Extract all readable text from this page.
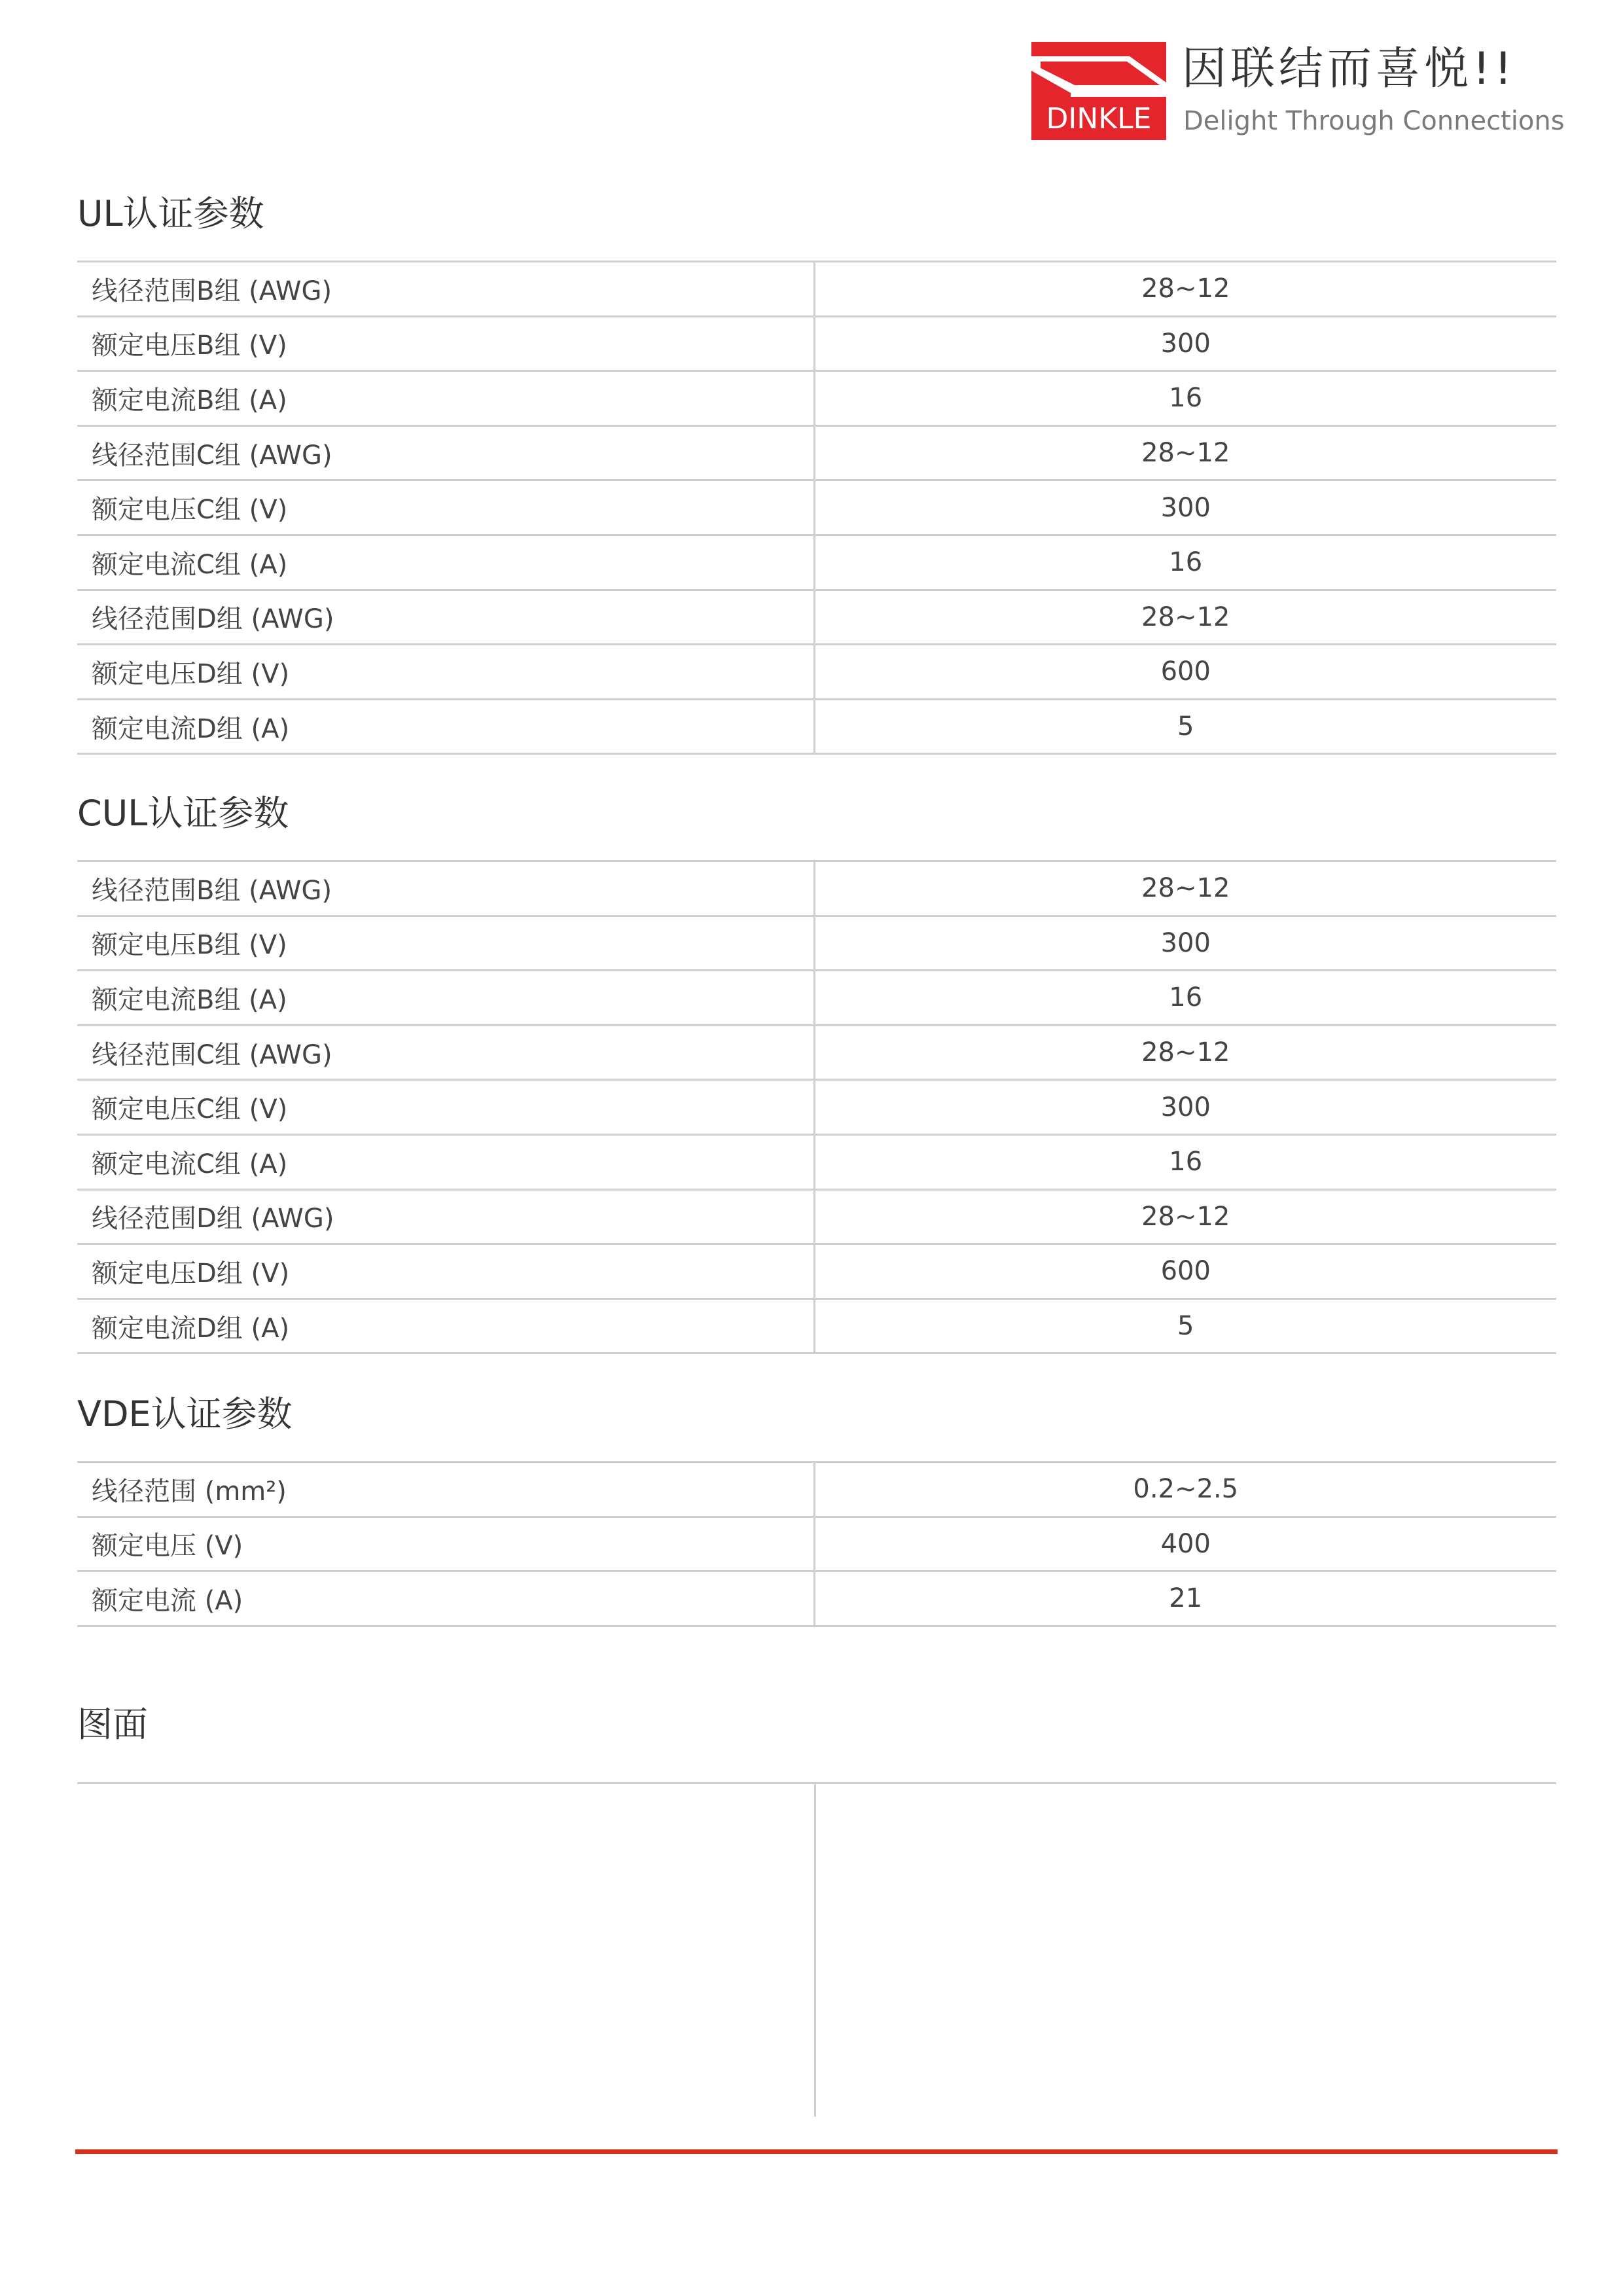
DINKLE
因联结而喜悦!!
Delight Through Connections
UL认证参数
线径范围B组 (AWG)	28~12
额定电压B组 (V)	300
额定电流B组 (A)	16
线径范围C组 (AWG)	28~12
额定电压C组 (V)	300
额定电流C组 (A)	16
线径范围D组 (AWG)	28~12
额定电压D组 (V)	600
额定电流D组 (A)	5
CUL认证参数
线径范围B组 (AWG)	28~12
额定电压B组 (V)	300
额定电流B组 (A)	16
线径范围C组 (AWG)	28~12
额定电压C组 (V)	300
额定电流C组 (A)	16
线径范围D组 (AWG)	28~12
额定电压D组 (V)	600
额定电流D组 (A)	5
VDE认证参数
线径范围 (mm²)	0.2~2.5
额定电压 (V)	400
额定电流 (A)	21
图面
